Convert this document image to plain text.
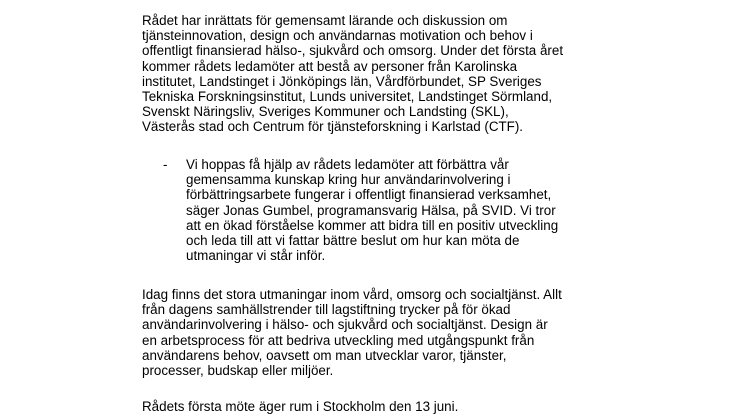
Rådet har inrättats för gemensamt lärande och diskussion om
tjänsteinnovation, design och användarnas motivation och behov i
offentligt finansierad hälso-, sjukvård och omsorg. Under det första året
kommer rådets ledamöter att bestå av personer från Karolinska
institutet, Landstinget i Jönköpings län, Vårdförbundet, SP Sveriges
Tekniska Forskningsinstitut, Lunds universitet, Landstinget Sörmland,
Svenskt Näringsliv, Sveriges Kommuner och Landsting (SKL),
Västerås stad och Centrum för tjänsteforskning i Karlstad (CTF).

- Vi hoppas få hjälp av rådets ledamöter att förbättra vår
gemensamma kunskap kring hur användarinvolvering i
förbättringsarbete fungerar i offentligt finansierad verksamhet,
säger Jonas Gumbel, programansvarig Hälsa, på SVID. Vi tror
att en ökad förståelse kommer att bidra till en positiv utveckling
och leda till att vi fattar bättre beslut om hur kan möta de
utmaningar vi står inför.

Idag finns det stora utmaningar inom vård, omsorg och socialtjänst. Allt
från dagens samhällstrender till lagstiftning trycker på för ökad
användarinvolvering i hälso- och sjukvård och socialtjänst. Design är
en arbetsprocess för att bedriva utveckling med utgångspunkt från
användarens behov, oavsett om man utvecklar varor, tjänster,
processer, budskap eller miljöer.

Rådets första möte äger rum i Stockholm den 13 juni.
